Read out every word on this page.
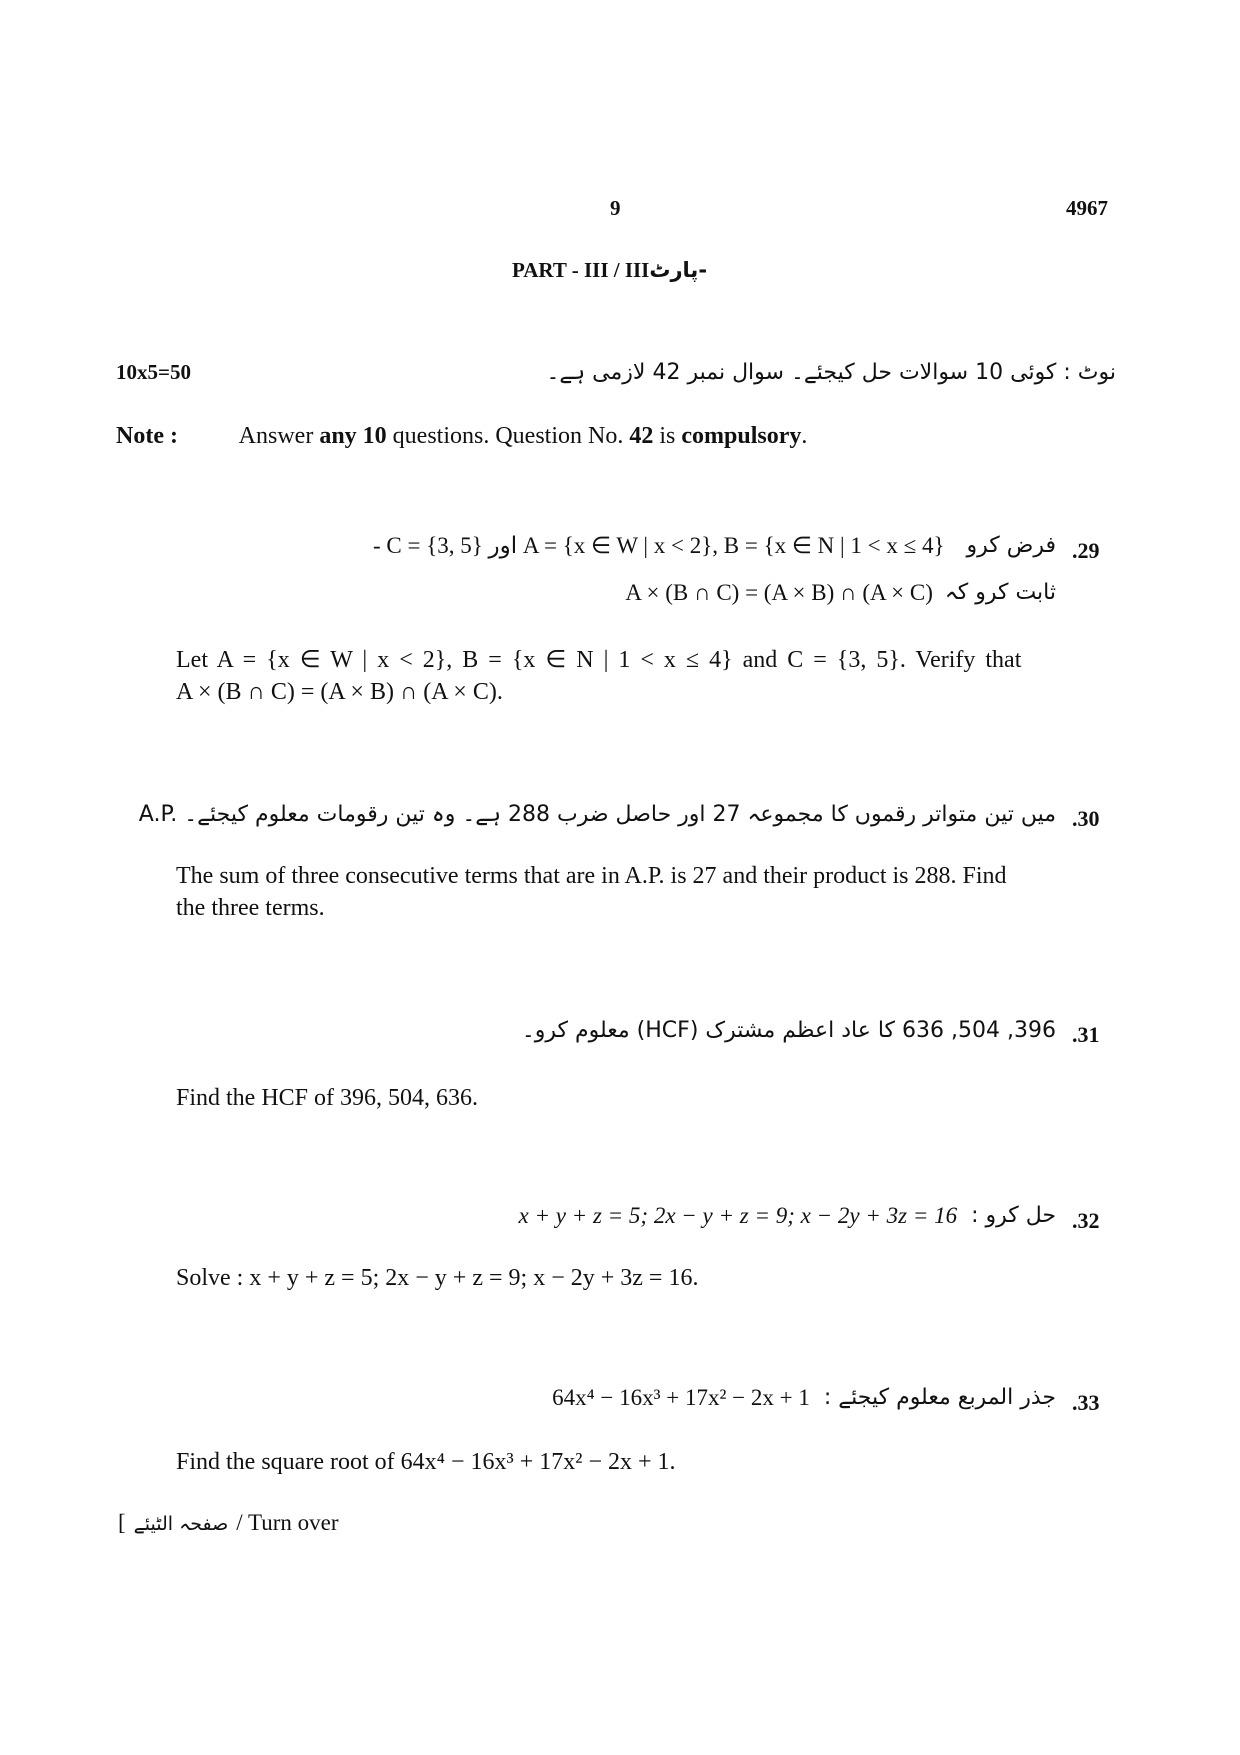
9	4967
PART - III / III-پارٹ
10x5=50	نوٹ : کوئی 10 سوالات حل کیجئے۔ سوال نمبر 42 لازمی ہے۔
Note :	Answer any 10 questions. Question No. 42 is compulsory.
.29
- C = {3, 5} اور A = {x ∈ W | x < 2}, B = {x ∈ N | 1 < x ≤ 4} فرض کرو
A × (B ∩ C) = (A × B) ∩ (A × C) ثابت کرو کہ
Let A = {x ∈ W | x < 2}, B = {x ∈ N | 1 < x ≤ 4} and C = {3, 5}. Verify that
A × (B ∩ C) = (A × B) ∩ (A × C).
.30
A.P. میں تین متواتر رقموں کا مجموعہ 27 اور حاصل ضرب 288 ہے۔ وہ تین رقومات معلوم کیجئے۔
The sum of three consecutive terms that are in A.P. is 27 and their product is 288. Find
the three terms.
.31
396, 504, 636 کا عاد اعظم مشترک (HCF) معلوم کرو۔
Find the HCF of 396, 504, 636.
.32
x + y + z = 5; 2x − y + z = 9; x − 2y + 3z = 16 حل کرو :
Solve : x + y + z = 5; 2x − y + z = 9; x − 2y + 3z = 16.
.33
64x⁴ − 16x³ + 17x² − 2x + 1 جذر المربع معلوم کیجئے :
Find the square root of 64x⁴ − 16x³ + 17x² − 2x + 1.
[ صفحہ الٹیئے / Turn over
